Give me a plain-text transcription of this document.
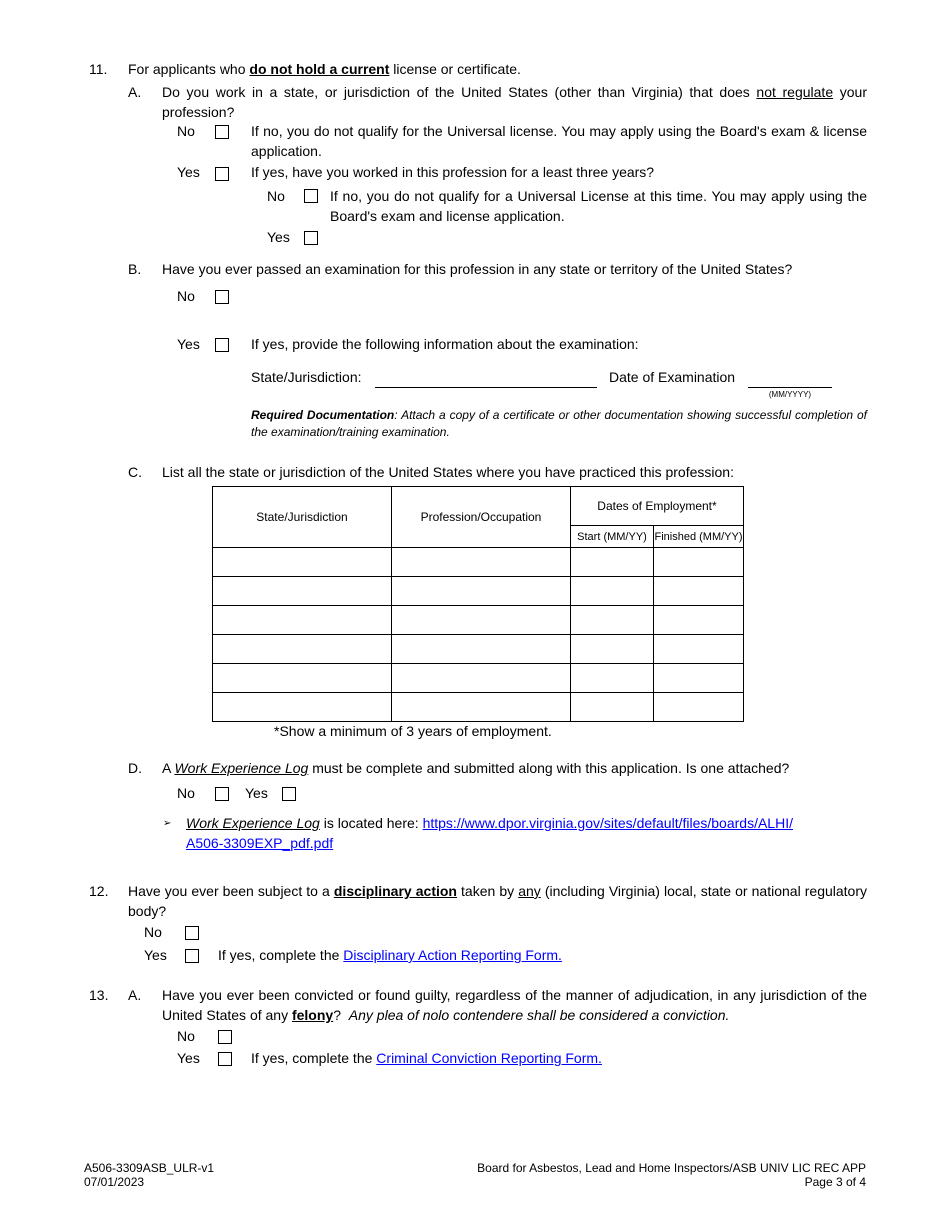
11. For applicants who do not hold a current license or certificate.
A. Do you work in a state, or jurisdiction of the United States (other than Virginia) that does not regulate your profession?
No	If no, you do not qualify for the Universal license. You may apply using the Board's exam & license application.
Yes	If yes, have you worked in this profession for a least three years?
No	If no, you do not qualify for a Universal License at this time. You may apply using the Board's exam and license application.
Yes
B. Have you ever passed an examination for this profession in any state or territory of the United States?
No
Yes	If yes, provide the following information about the examination:
State/Jurisdiction:	Date of Examination
(MM/YYYY)
Required Documentation: Attach a copy of a certificate or other documentation showing successful completion of the examination/training examination.
C. List all the state or jurisdiction of the United States where you have practiced this profession:
State/Jurisdiction	Profession/Occupation	Dates of Employment*	
		Start (MM/YY)	Finished (MM/YY)

*Show a minimum of 3 years of employment.
D. A Work Experience Log must be complete and submitted along with this application. Is one attached?
No	Yes
➢ Work Experience Log is located here: https://www.dpor.virginia.gov/sites/default/files/boards/ALHI/
A506-3309EXP_pdf.pdf
12. Have you ever been subject to a disciplinary action taken by any (including Virginia) local, state or national regulatory body?
No
Yes	If yes, complete the Disciplinary Action Reporting Form.
13. A. Have you ever been convicted or found guilty, regardless of the manner of adjudication, in any jurisdiction of the United States of any felony?  Any plea of nolo contendere shall be considered a conviction.
No
Yes	If yes, complete the Criminal Conviction Reporting Form.
A506-3309ASB_ULR-v1
07/01/2023
Board for Asbestos, Lead and Home Inspectors/ASB UNIV LIC REC APP
Page 3 of 4
